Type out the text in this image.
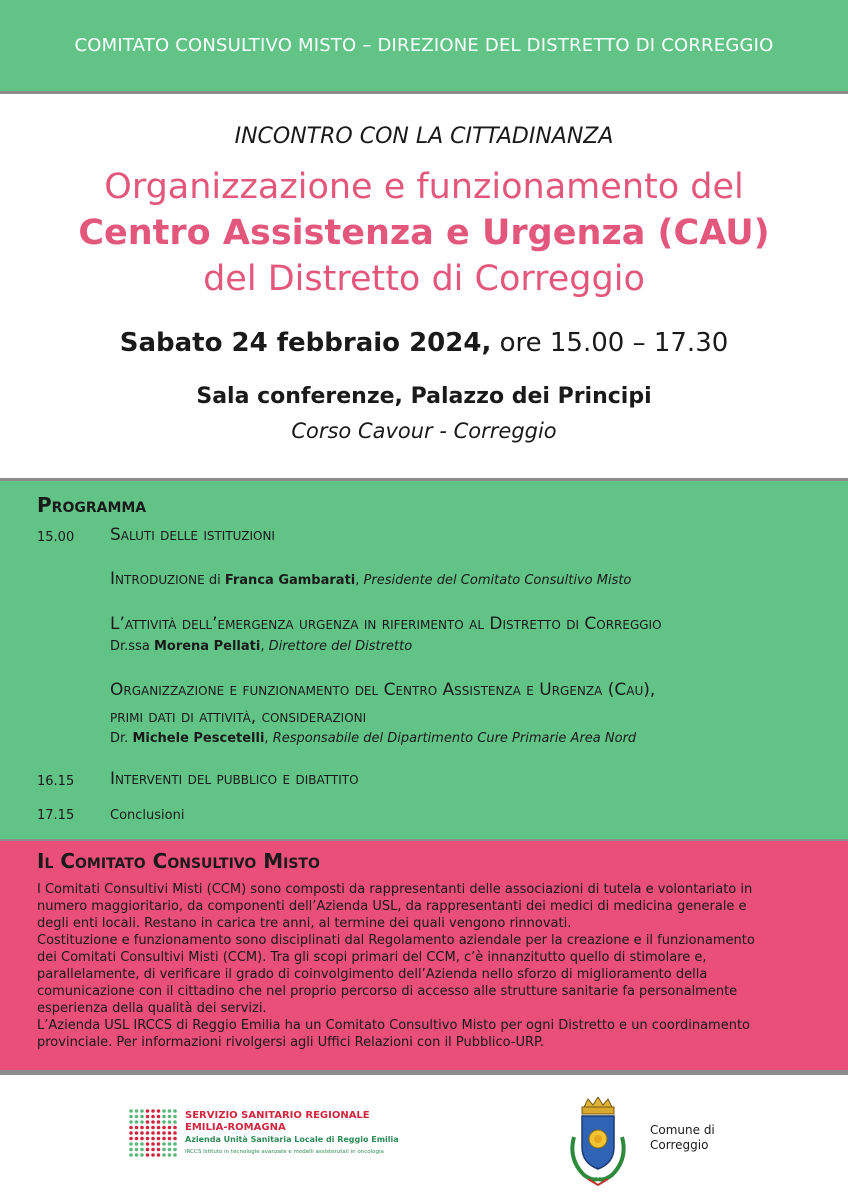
COMITATO CONSULTIVO MISTO – DIREZIONE DEL DISTRETTO DI CORREGGIO
INCONTRO CON LA CITTADINANZA
Organizzazione e funzionamento del
Centro Assistenza e Urgenza (CAU)
del Distretto di Correggio
Sabato 24 febbraio 2024, ore 15.00 – 17.30
Sala conferenze, Palazzo dei Principi
Corso Cavour - Correggio
Programma
15.00 Saluti delle istituzioni
Introduzione di Franca Gambarati, Presidente del Comitato Consultivo Misto
L’attività dell’emergenza urgenza in riferimento al Distretto di Correggio
Dr.ssa Morena Pellati, Direttore del Distretto
Organizzazione e funzionamento del Centro Assistenza e Urgenza (Cau),
primi dati di attività, considerazioni
Dr. Michele Pescetelli, Responsabile del Dipartimento Cure Primarie Area Nord
16.15 Interventi del pubblico e dibattito
17.15	Conclusioni
Il Comitato Consultivo Misto

I Comitati Consultivi Misti (CCM) sono composti da rappresentanti delle associazioni di tutela e volontariato in

numero maggioritario, da componenti dell’Azienda USL, da rappresentanti dei medici di medicina generale e

degli enti locali. Restano in carica tre anni, al termine dei quali vengono rinnovati.

Costituzione e funzionamento sono disciplinati dal Regolamento aziendale per la creazione e il funzionamento

dei Comitati Consultivi Misti (CCM). Tra gli scopi primari del CCM, c’è innanzitutto quello di stimolare e,

parallelamente, di verificare il grado di coinvolgimento dell’Azienda nello sforzo di miglioramento della

comunicazione con il cittadino che nel proprio percorso di accesso alle strutture sanitarie fa personalmente

esperienza della qualità dei servizi.

L’Azienda USL IRCCS di Reggio Emilia ha un Comitato Consultivo Misto per ogni Distretto e un coordinamento

provinciale. Per informazioni rivolgersi agli Uffici Relazioni con il Pubblico-URP.

SERVIZIO SANITARIO REGIONALE
EMILIA-ROMAGNA
Azienda Unità Sanitaria Locale di Reggio Emilia
IRCCS Istituto in tecnologie avanzate e modelli assistenziali in oncologia
Comune di
Correggio
